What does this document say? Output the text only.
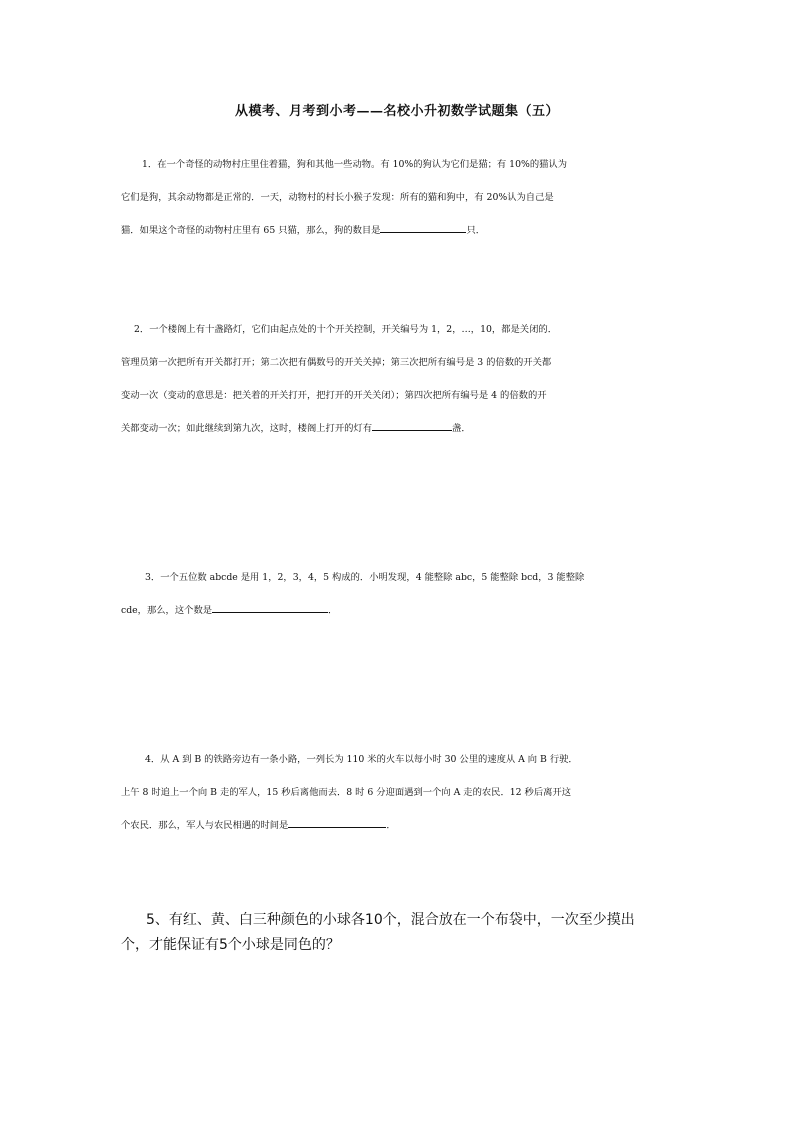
从模考、月考到小考——名校小升初数学试题集（五）
1．在一个奇怪的动物村庄里住着猫，狗和其他一些动物。有 10%的狗认为它们是猫；有 10%的猫认为
它们是狗，其余动物都是正常的．一天，动物村的村长小猴子发现：所有的猫和狗中，有 20%认为自己是
猫．如果这个奇怪的动物村庄里有 65 只猫，那么，狗的数目是	只．
2．一个楼阁上有十盏路灯，它们由起点处的十个开关控制，开关编号为 1，2，…，10，都是关闭的．
管理员第一次把所有开关都打开；第二次把有偶数号的开关关掉；第三次把所有编号是 3 的倍数的开关都
变动一次（变动的意思是：把关着的开关打开，把打开的开关关闭）；第四次把所有编号是 4 的倍数的开
关都变动一次；如此继续到第九次，这时，楼阁上打开的灯有	盏．
3．一个五位数 abcde 是用 1，2，3，4，5 构成的．小明发现，4 能整除 abc，5 能整除 bcd，3 能整除
cde，那么，这个数是	．
4．从 A 到 B 的铁路旁边有一条小路，一列长为 110 米的火车以每小时 30 公里的速度从 A 向 B 行驶．
上午 8 时追上一个向 B 走的军人，15 秒后离他而去．8 时 6 分迎面遇到一个向 A 走的农民．12 秒后离开这
个农民．那么，军人与农民相遇的时间是	．
5、有红、黄、白三种颜色的小球各10个，混合放在一个布袋中，一次至少摸出
个，才能保证有5个小球是同色的？
